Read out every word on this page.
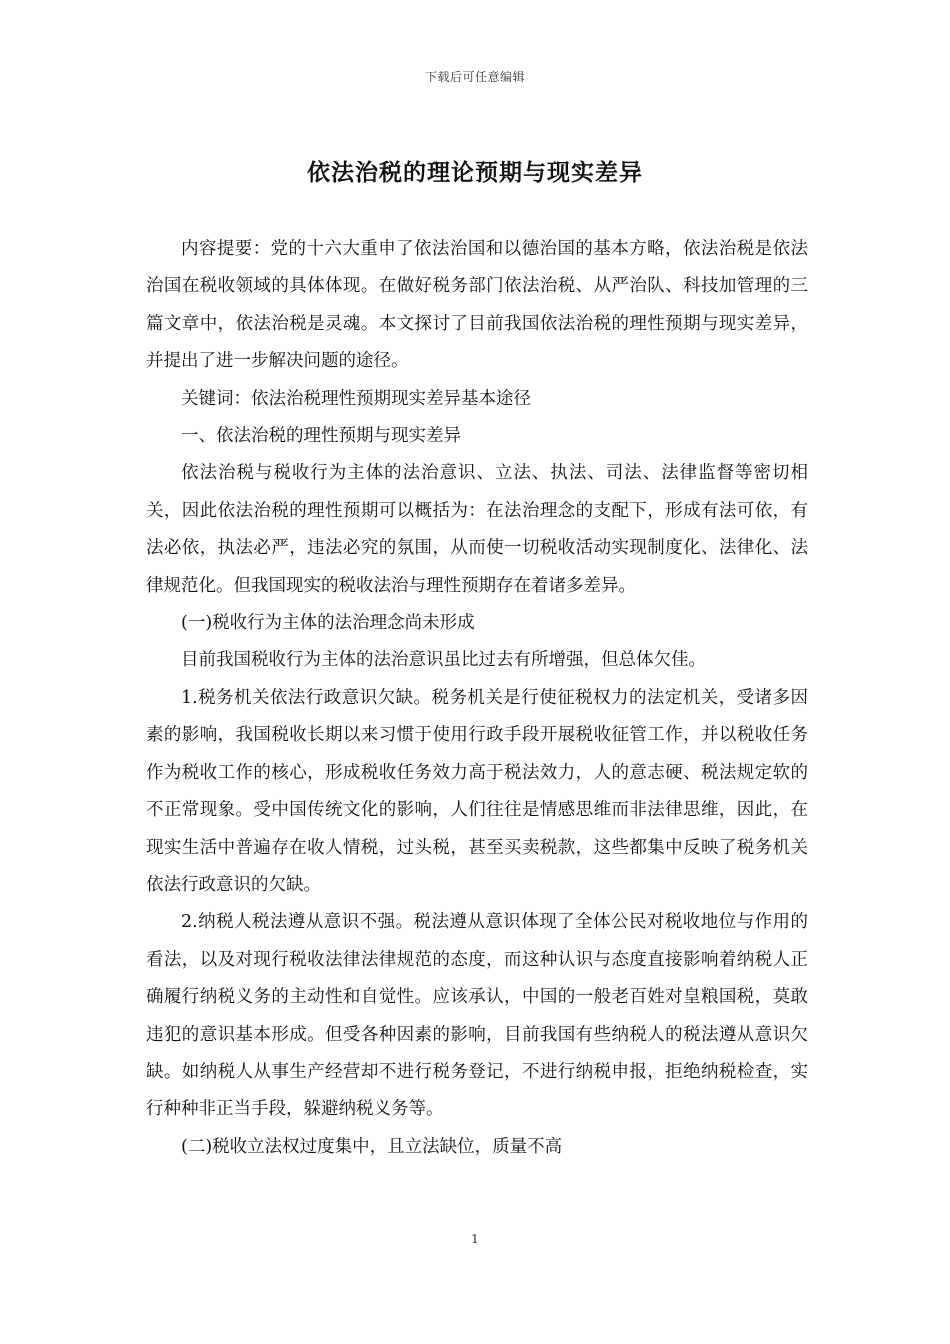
下载后可任意编辑
依法治税的理论预期与现实差异

内容提要：党的十六大重申了依法治国和以德治国的基本方略，依法治税是依法治国在税收领域的具体体现。在做好税务部门依法治税、从严治队、科技加管理的三篇文章中，依法治税是灵魂。本文探讨了目前我国依法治税的理性预期与现实差异，并提出了进一步解决问题的途径。

关键词：依法治税理性预期现实差异基本途径

一、依法治税的理性预期与现实差异

依法治税与税收行为主体的法治意识、立法、执法、司法、法律监督等密切相关，因此依法治税的理性预期可以概括为：在法治理念的支配下，形成有法可依，有法必依，执法必严，违法必究的氛围，从而使一切税收活动实现制度化、法律化、法律规范化。但我国现实的税收法治与理性预期存在着诸多差异。

(一)税收行为主体的法治理念尚未形成

目前我国税收行为主体的法治意识虽比过去有所增强，但总体欠佳。

1.税务机关依法行政意识欠缺。税务机关是行使征税权力的法定机关，受诸多因素的影响，我国税收长期以来习惯于使用行政手段开展税收征管工作，并以税收任务作为税收工作的核心，形成税收任务效力高于税法效力，人的意志硬、税法规定软的不正常现象。受中国传统文化的影响，人们往往是情感思维而非法律思维，因此，在现实生活中普遍存在收人情税，过头税，甚至买卖税款，这些都集中反映了税务机关依法行政意识的欠缺。

2.纳税人税法遵从意识不强。税法遵从意识体现了全体公民对税收地位与作用的看法，以及对现行税收法律法律规范的态度，而这种认识与态度直接影响着纳税人正确履行纳税义务的主动性和自觉性。应该承认，中国的一般老百姓对皇粮国税，莫敢违犯的意识基本形成。但受各种因素的影响，目前我国有些纳税人的税法遵从意识欠缺。如纳税人从事生产经营却不进行税务登记，不进行纳税申报，拒绝纳税检查，实行种种非正当手段，躲避纳税义务等。

(二)税收立法权过度集中，且立法缺位，质量不高

1
